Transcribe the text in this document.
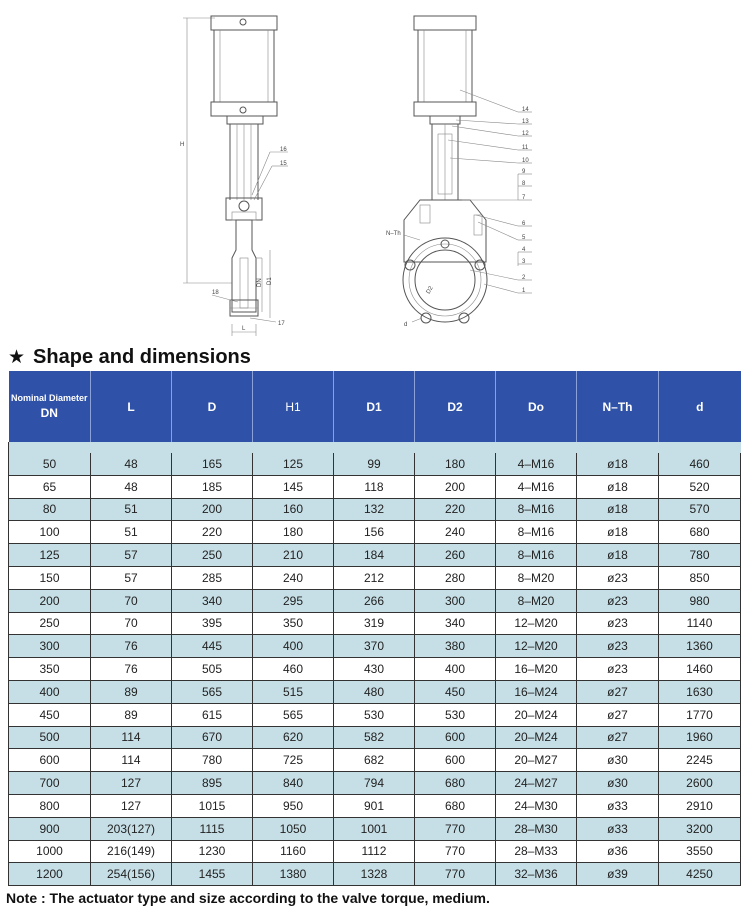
H
DN D1
L
16
15
18
17
N–Th
D2
d
14
13
12
11
10
9
8
7
6
5
4
3
2
1
★ Shape and dimensions
Nominal Diameter
DN	L	D	H1	D1	D2	Do	N–Th	d

50	48	165	125	99	180	4–M16	ø18	460
65	48	185	145	118	200	4–M16	ø18	520
80	51	200	160	132	220	8–M16	ø18	570
100	51	220	180	156	240	8–M16	ø18	680
125	57	250	210	184	260	8–M16	ø18	780
150	57	285	240	212	280	8–M20	ø23	850
200	70	340	295	266	300	8–M20	ø23	980
250	70	395	350	319	340	12–M20	ø23	1140
300	76	445	400	370	380	12–M20	ø23	1360
350	76	505	460	430	400	16–M20	ø23	1460
400	89	565	515	480	450	16–M24	ø27	1630
450	89	615	565	530	530	20–M24	ø27	1770
500	114	670	620	582	600	20–M24	ø27	1960
600	114	780	725	682	600	20–M27	ø30	2245
700	127	895	840	794	680	24–M27	ø30	2600
800	127	1015	950	901	680	24–M30	ø33	2910
900	203(127)	1115	1050	1001	770	28–M30	ø33	3200
1000	216(149)	1230	1160	1112	770	28–M33	ø36	3550
1200	254(156)	1455	1380	1328	770	32–M36	ø39	4250
Note : The actuator type and size according to the valve torque, medium.
